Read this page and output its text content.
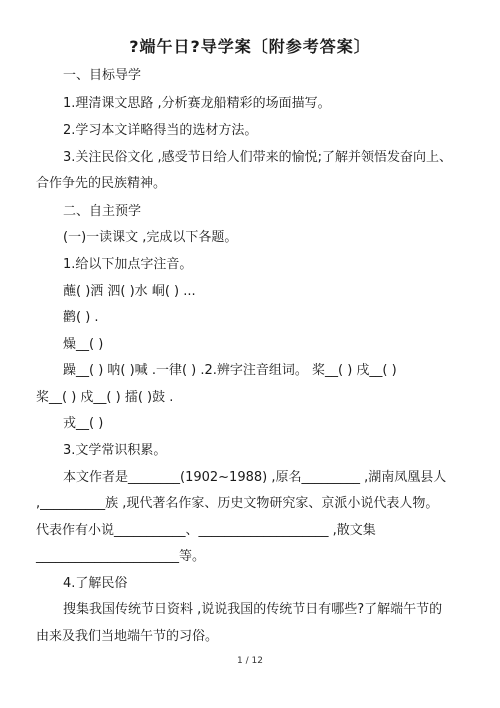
?端午日?导学案〔附参考答案〕
一、目标导学
1.理清课文思路 ,分析赛龙船精彩的场面描写。
2.学习本文详略得当的选材方法。
3.关注民俗文化 ,感受节日给人们带来的愉悦;了解并领悟发奋向上、
合作争先的民族精神。
二、自主预学
(一)一读课文 ,完成以下各题。
1.给以下加点字注音。
蘸( )洒 泗( )水 峒( ) ...
鹳( ) .
燥__( )
躁__( ) 呐( )喊 .一律( ) .2.辨字注音组词。 桨__( ) 戌__( )
桨__( ) 戍__( ) 擂( )鼓 .
戎__( )
3.文学常识积累。
本文作者是________(1902~1988) ,原名_________ ,湖南凤凰县人
,__________族 ,现代著名作家、历史文物研究家、京派小说代表人物。
代表作有小说___________、____________________ ,散文集
______________________等。
4.了解民俗
搜集我国传统节日资料 ,说说我国的传统节日有哪些?了解端午节的
由来及我们当地端午节的习俗。
1 / 12
